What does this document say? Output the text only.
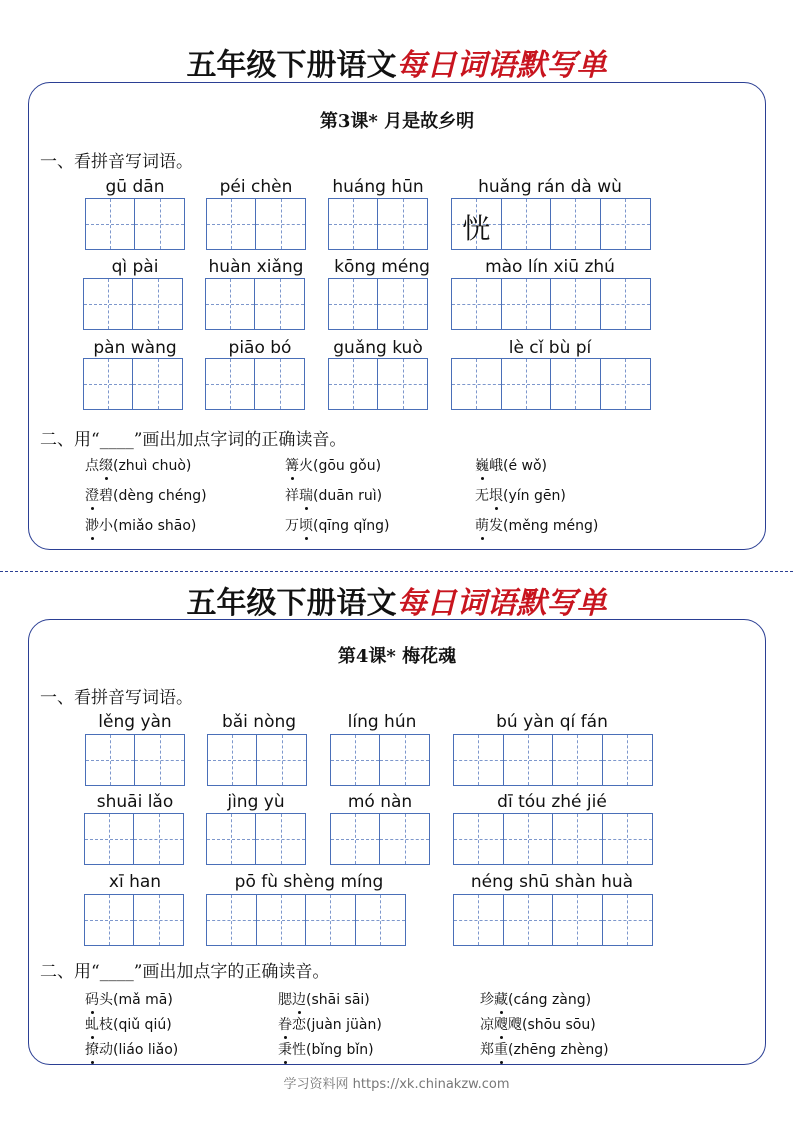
五年级下册语文每日词语默写单
第3课* 月是故乡明
一、看拼音写词语。
gū dān	péi chèn	huáng hūn	huǎng rán dà wù
恍
qì pài	huàn xiǎng	kōng méng	mào lín xiū zhú
pàn wàng	piāo bó	guǎng kuò	lè cǐ bù pí
二、用“____”画出加点字词的正确读音。
点缀(zhuì chuò)	篝火(gōu gǒu)	巍峨(é wǒ)
澄碧(dèng chéng)	祥瑞(duān ruì)	无垠(yín gēn)
渺小(miǎo shāo)	万顷(qīng qǐng)	萌发(měng méng)
五年级下册语文每日词语默写单
第4课* 梅花魂
一、看拼音写词语。
lěng yàn	bǎi nòng	líng hún	bú yàn qí fán
shuāi lǎo	jìng yù	mó nàn	dī tóu zhé jié
xī han	pō fù shèng míng	néng shū shàn huà
二、用“____”画出加点字的正确读音。
码头(mǎ mā)	腮边(shāi sāi)	珍藏(cáng zàng)
虬枝(qiǔ qiú)	眷恋(juàn jüàn)	凉飕飕(shōu sōu)
撩动(liáo liǎo)	秉性(bǐng bǐn)	郑重(zhēng zhèng)
学习资料网 https://xk.chinakzw.com
